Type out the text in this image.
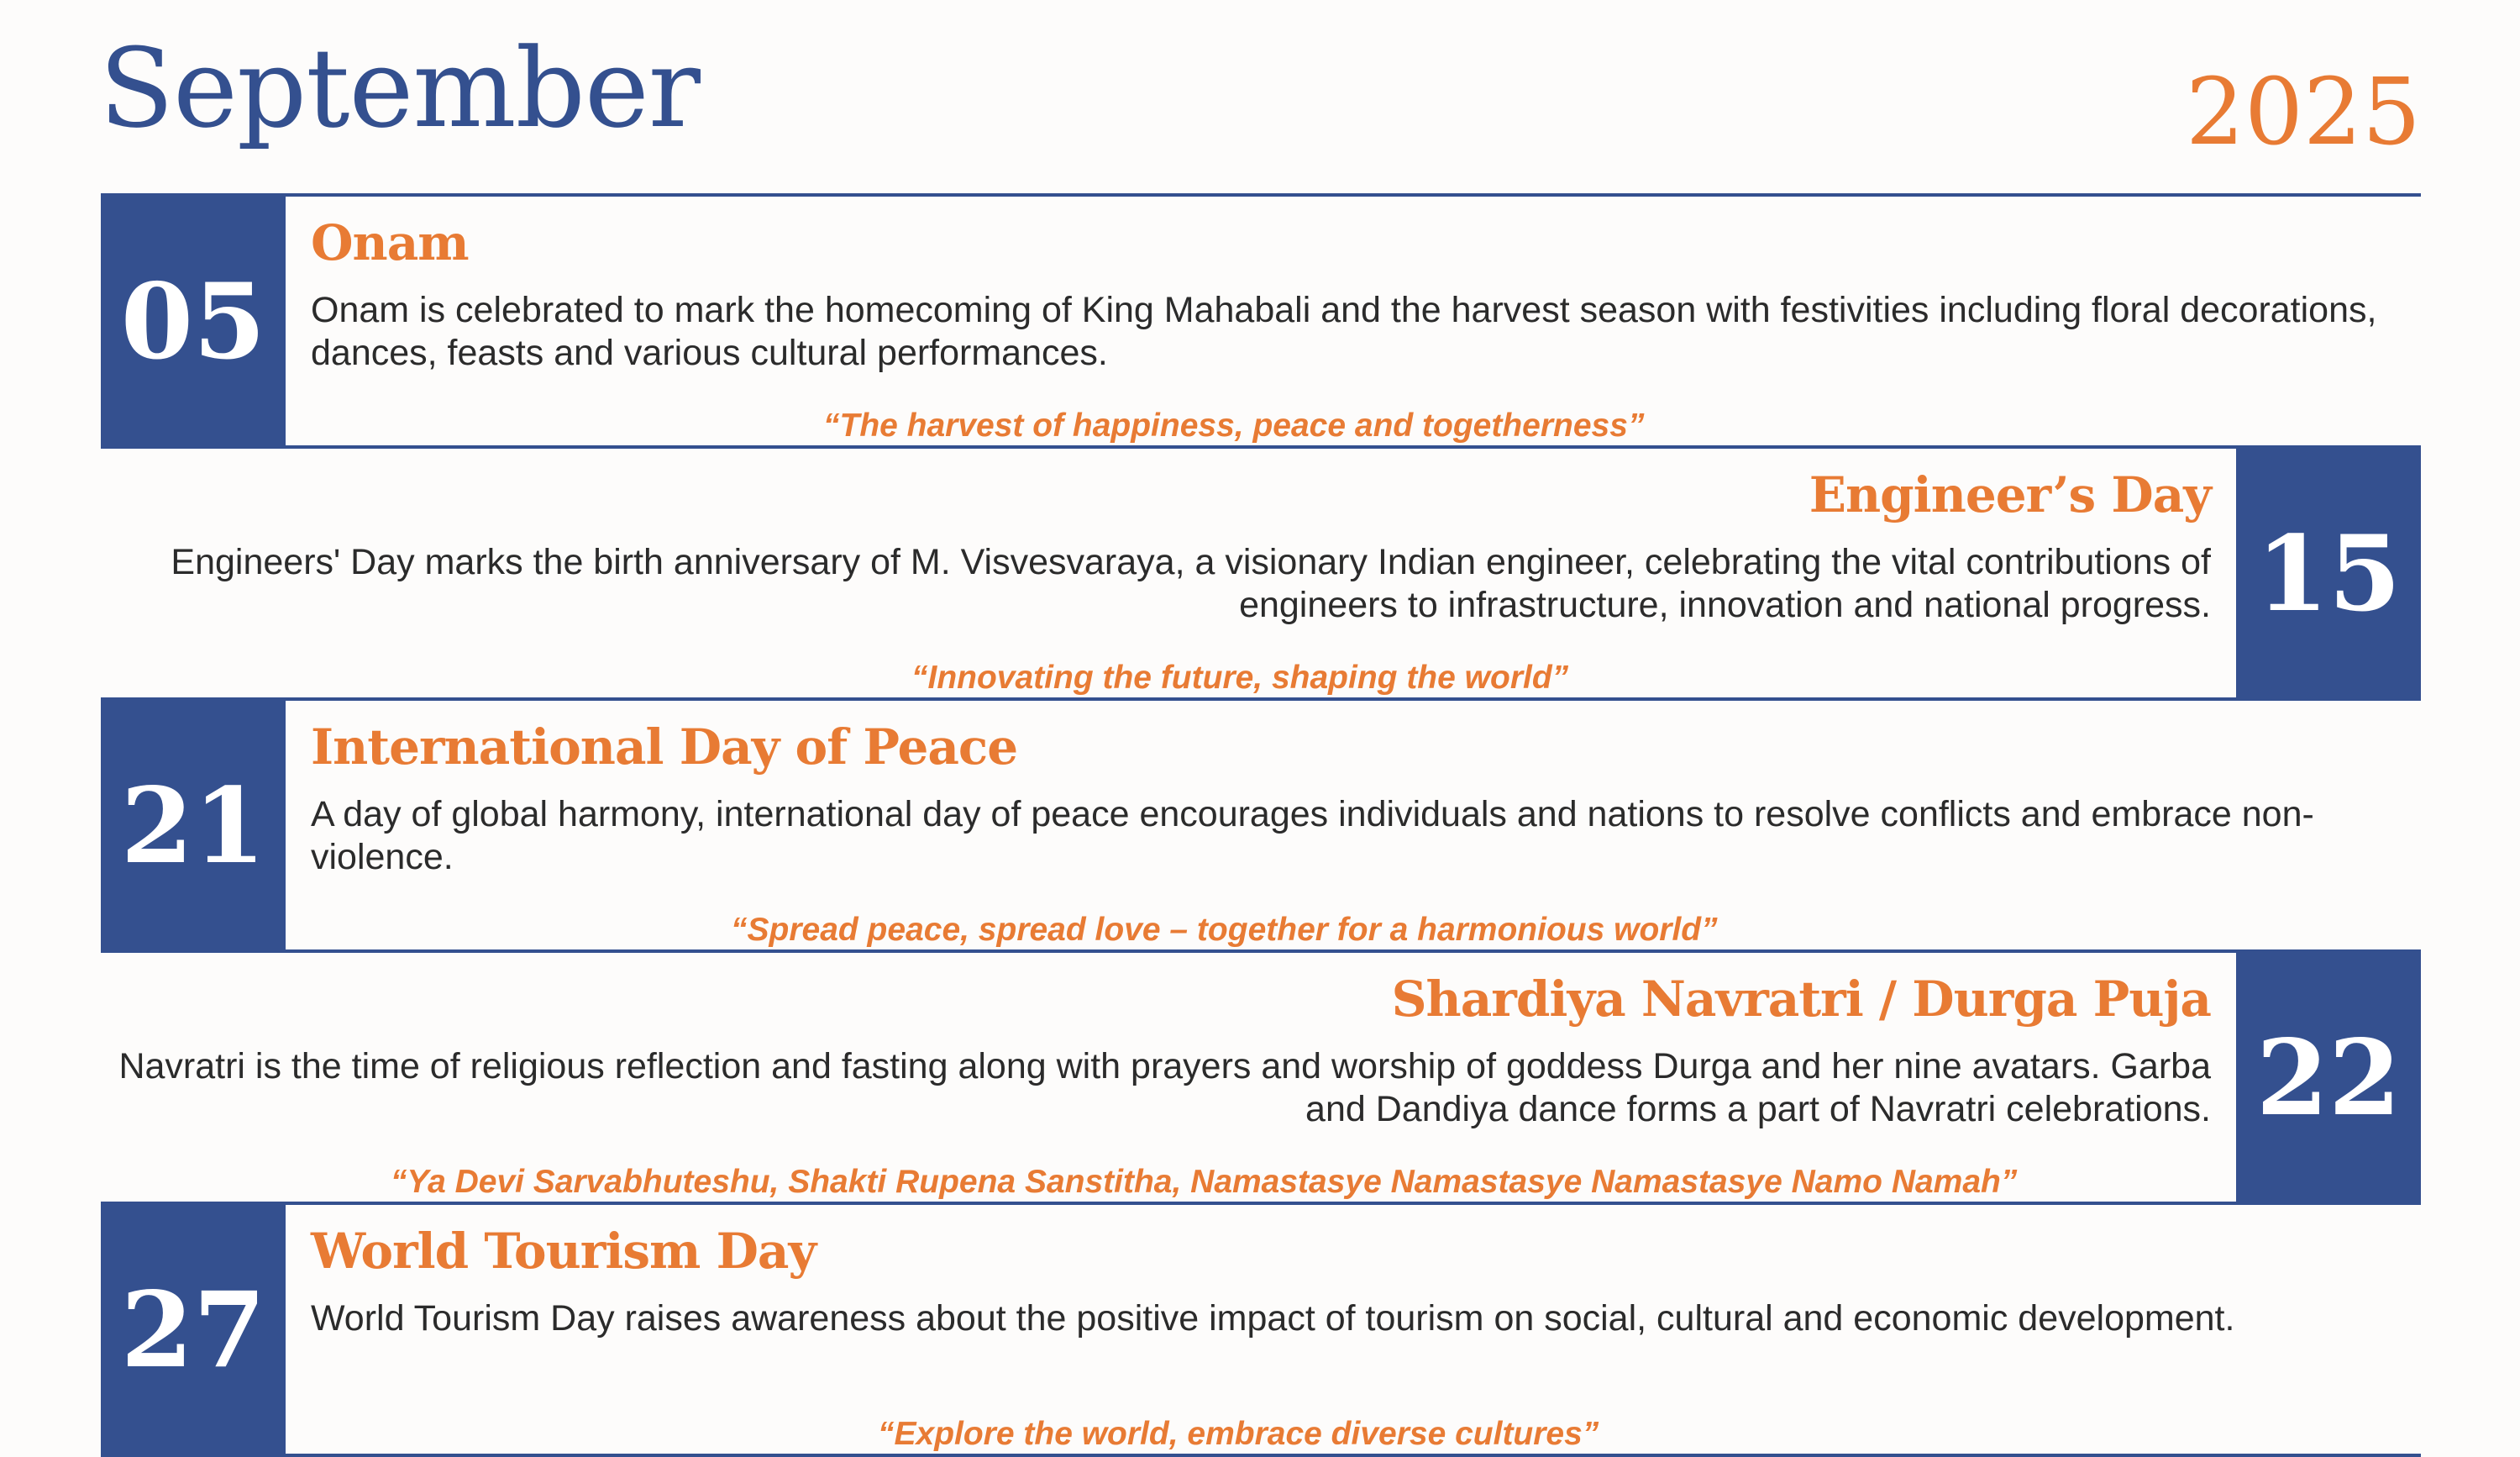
September	2025
05
Onam

Onam is celebrated to mark the homecoming of King Mahabali and the harvest season with festivities including floral decorations, dances, feasts and various cultural performances.

“The harvest of happiness, peace and togetherness”

15
Engineer’s Day

Engineers' Day marks the birth anniversary of M. Visvesvaraya, a visionary Indian engineer, celebrating the vital contributions of engineers to infrastructure, innovation and national progress.

“Innovating the future, shaping the world”

21
International Day of Peace

A day of global harmony, international day of peace encourages individuals and nations to resolve conflicts and embrace non-violence.

“Spread peace, spread love – together for a harmonious world”

22
Shardiya Navratri / Durga Puja

Navratri is the time of religious reflection and fasting along with prayers and worship of goddess Durga and her nine avatars. Garba and Dandiya dance forms a part of Navratri celebrations.

“Ya Devi Sarvabhuteshu, Shakti Rupena Sanstitha, Namastasye Namastasye Namastasye Namo Namah”

27
World Tourism Day

World Tourism Day raises awareness about the positive impact of tourism on social, cultural and economic development.

“Explore the world, embrace diverse cultures”
